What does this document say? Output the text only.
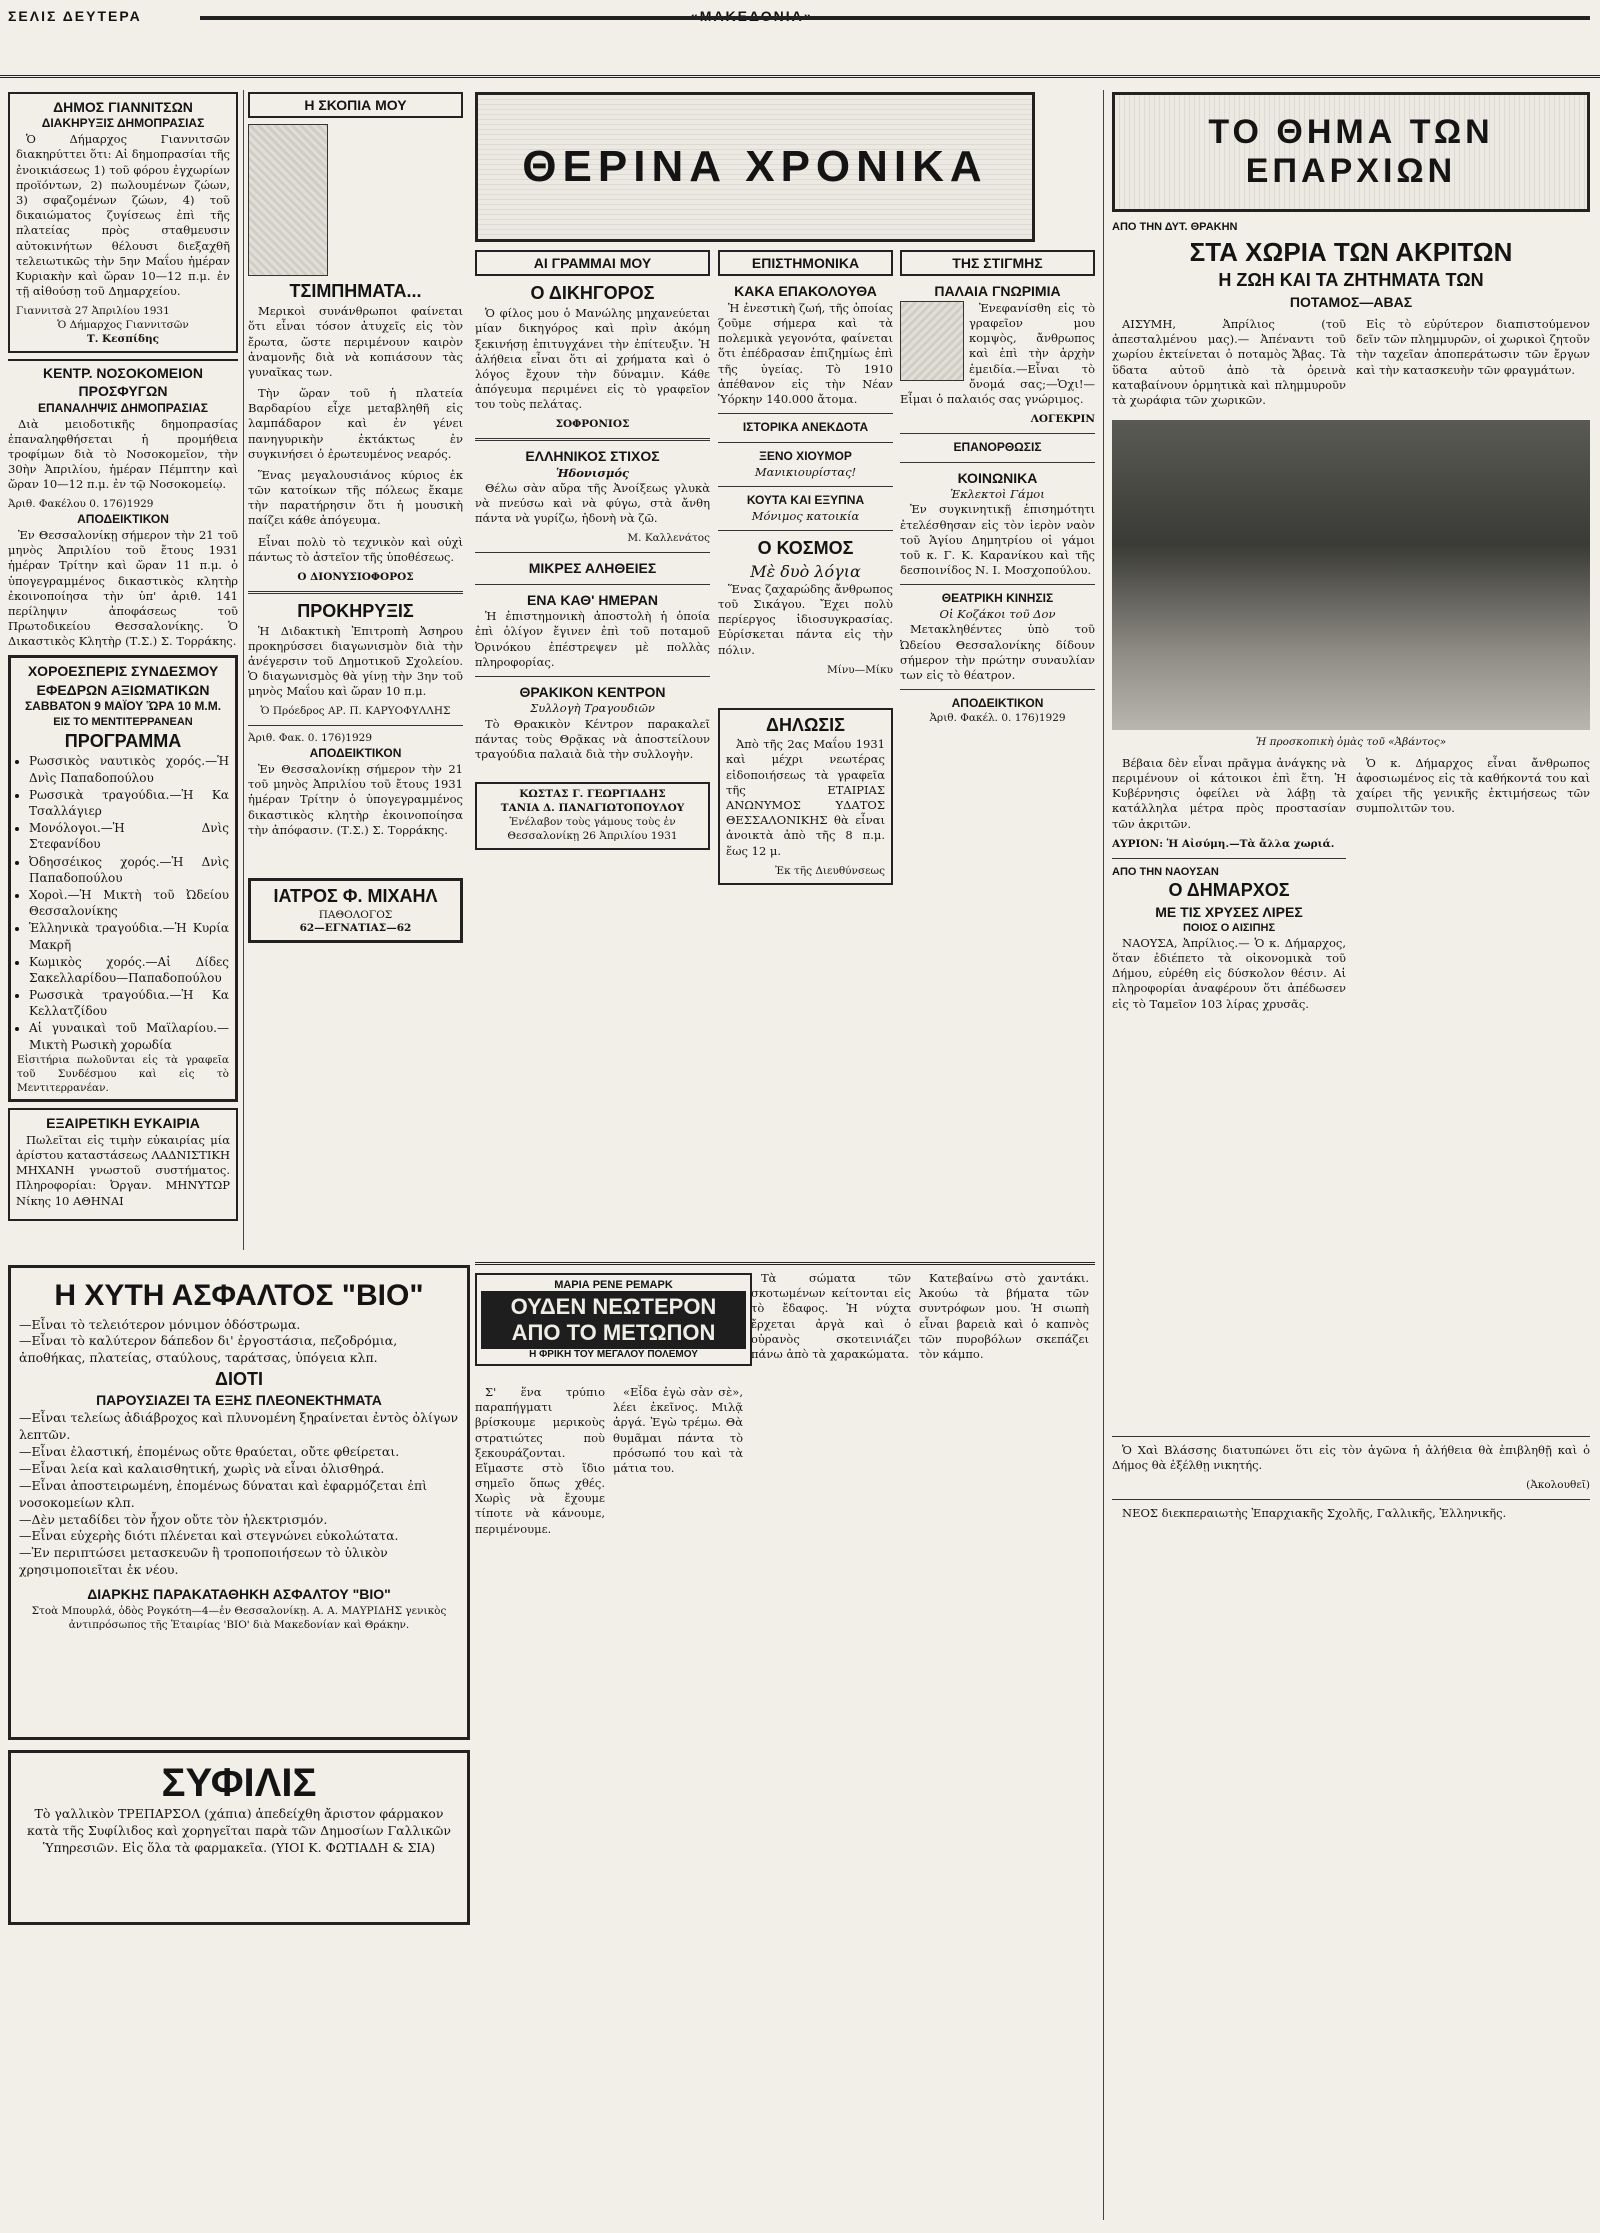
ΣΕΛΙΣ ΔΕΥΤΕΡΑ	«ΜΑΚΕΔΟΝΙΑ»
ΔΗΜΟΣ ΓΙΑΝΝΙΤΣΩΝ
ΔΙΑΚΗΡΥΞΙΣ ΔΗΜΟΠΡΑΣΙΑΣ

Ὁ Δήμαρχος Γιαννιτσῶν διακηρύττει ὅτι: Αἱ δημοπρασίαι τῆς ἐνοικιάσεως 1) τοῦ φόρου ἐγχωρίων προϊόντων, 2) πωλουμένων ζώων, 3) σφαζομένων ζώων, 4) τοῦ δικαιώματος ζυγίσεως ἐπὶ τῆς πλατείας πρὸς σταθμευσιν αὐτοκινήτων θέλουσι διεξαχθῆ τελειωτικῶς τὴν 5ην Μαΐου ἡμέραν Κυριακὴν καὶ ὥραν 10—12 π.μ. ἐν τῇ αἰθούσῃ τοῦ Δημαρχείου.

Γιαννιτσὰ 27 Ἀπριλίου 1931
Ὁ Δήμαρχος Γιαννιτσῶν
Τ. Κεσπίδης
ΚΕΝΤΡ. ΝΟΣΟΚΟΜΕΙΟΝ ΠΡΟΣΦΥΓΩΝ
ΕΠΑΝΑΛΗΨΙΣ ΔΗΜΟΠΡΑΣΙΑΣ

Διὰ μειοδοτικῆς δημοπρασίας ἐπαναληφθήσεται ἡ προμήθεια τροφίμων διὰ τὸ Νοσοκομεῖον, τὴν 30ὴν Ἀπριλίου, ἡμέραν Πέμπτην καὶ ὥραν 10—12 π.μ. ἐν τῷ Νοσοκομείῳ.

Ἀριθ. Φακέλου 0. 176)1929
ΑΠΟΔΕΙΚΤΙΚΟΝ

Ἐν Θεσσαλονίκῃ σήμερον τὴν 21 τοῦ μηνὸς Ἀπριλίου τοῦ ἔτους 1931 ἡμέραν Τρίτην καὶ ὥραν 11 π.μ. ὁ ὑπογεγραμμένος δικαστικὸς κλητὴρ ἐκοινοποίησα τὴν ὑπ' ἀριθ. 141 περίληψιν ἀποφάσεως τοῦ Πρωτοδικείου Θεσσαλονίκης. Ὁ Δικαστικὸς Κλητὴρ (Τ.Σ.) Σ. Τορράκης.

ΧΟΡΟΕΣΠΕΡΙΣ ΣΥΝΔΕΣΜΟΥ ΕΦΕΔΡΩΝ ΑΞΙΩΜΑΤΙΚΩΝ
ΣΑΒΒΑΤΟΝ 9 ΜΑΪΟΥ ὭΡΑ 10 Μ.Μ.
ΕΙΣ ΤΟ ΜΕΝΤΙΤΕΡΡΑΝΕΑΝ
ΠΡΟΓΡΑΜΜΑ
• Ρωσσικὸς ναυτικὸς χορός.—Ἡ Δνὶς Παπαδοπούλου
• Ρωσσικὰ τραγούδια.—Ἡ Κα Τσαλλάγιερ
• Μονόλογοι.—Ἡ Δνὶς Στεφανίδου
• Ὀδησσέικος χορός.—Ἡ Δνὶς Παπαδοπούλου
• Χοροὶ.—Ἡ Μικτὴ τοῦ Ὠδείου Θεσσαλονίκης
• Ἑλληνικὰ τραγούδια.—Ἡ Κυρία Μακρῆ
• Κωμικὸς χορός.—Αἱ Δίδες Σακελλαρίδου—Παπαδοπούλου
• Ρωσσικὰ τραγούδια.—Ἡ Κα Κελλατζίδου
• Αἱ γυναικαὶ τοῦ Μαϊλαρίου.—Μικτὴ Ρωσικὴ χορωδία
Εἰσιτήρια πωλοῦνται εἰς τὰ γραφεῖα τοῦ Συνδέσμου καὶ εἰς τὸ Μεντιτερρανέαν.
ΕΞΑΙΡΕΤΙΚΗ ΕΥΚΑΙΡΙΑ

Πωλεῖται εἰς τιμὴν εὐκαιρίας μία ἀρίστου καταστάσεως ΛΑΔΝΙΣΤΙΚΗ ΜΗΧΑΝΗ γνωστοῦ συστήματος. Πληροφορίαι: Ὀργαν. ΜΗΝΥΤΩΡ Νίκης 10 ΑΘΗΝΑΙ

Η ΣΚΟΠΙΑ ΜΟΥ
ΤΣΙΜΠΗΜΑΤΑ...

Μερικοὶ συνάνθρωποι φαίνεται ὅτι εἶναι τόσον ἀτυχεῖς εἰς τὸν ἔρωτα, ὥστε περιμένουν καιρὸν ἀναμονῆς διὰ νὰ κοπιάσουν τὰς γυναῖκας των.

Τὴν ὥραν τοῦ ἡ πλατεία Βαρδαρίου εἶχε μεταβληθῆ εἰς λαμπάδαρον καὶ ἐν γένει πανηγυρικὴν ἐκτάκτως ἐν συγκινήσει ὁ ἐρωτευμένος νεαρός.

Ἕνας μεγαλουσιάνος κύριος ἐκ τῶν κατοίκων τῆς πόλεως ἔκαμε τὴν παρατήρησιν ὅτι ἡ μουσικὴ παίζει κάθε ἀπόγευμα.

Εἶναι πολὺ τὸ τεχνικὸν καὶ οὐχὶ πάντως τὸ ἀστεῖον τῆς ὑποθέσεως.

Ο ΔΙΟΝΥΣΙΟΦΟΡΟΣ
ΠΡΟΚΗΡΥΞΙΣ

Ἡ Διδακτικὴ Ἐπιτροπὴ Ἀσηρου προκηρύσσει διαγωνισμὸν διὰ τὴν ἀνέγερσιν τοῦ Δημοτικοῦ Σχολείου. Ὁ διαγωνισμὸς θὰ γίνῃ τὴν 3ην τοῦ μηνὸς Μαΐου καὶ ὥραν 10 π.μ.

Ὁ Πρόεδρος ΑΡ. Π. ΚΑΡΥΟΦΥΛΛΗΣ
Ἀριθ. Φακ. 0. 176)1929
ΑΠΟΔΕΙΚΤΙΚΟΝ

Ἐν Θεσσαλονίκῃ σήμερον τὴν 21 τοῦ μηνὸς Ἀπριλίου τοῦ ἔτους 1931 ἡμέραν Τρίτην ὁ ὑπογεγραμμένος δικαστικὸς κλητὴρ ἐκοινοποίησα τὴν ἀπόφασιν. (Τ.Σ.) Σ. Τορράκης.

ΙΑΤΡΟΣ Φ. ΜΙΧΑΗΛ
ΠΑΘΟΛΟΓΟΣ
62—ΕΓΝΑΤΙΑΣ—62
ΘΕΡΙΝΑ ΧΡΟΝΙΚΑ
ΑΙ ΓΡΑΜΜΑΙ ΜΟΥ
Ο ΔΙΚΗΓΟΡΟΣ

Ὁ φίλος μου ὁ Μανώλης μηχανεύεται μίαν δικηγόρος καὶ πρὶν ἀκόμη ξεκινήσῃ ἐπιτυγχάνει τὴν ἐπίτευξιν. Ἡ ἀλήθεια εἶναι ὅτι αἱ χρήματα καὶ ὁ λόγος ἔχουν τὴν δύναμιν. Κάθε ἀπόγευμα περιμένει εἰς τὸ γραφεῖον του τοὺς πελάτας.

ΣΟΦΡΟΝΙΟΣ
ΕΛΛΗΝΙΚΟΣ ΣΤΙΧΟΣ
Ἡδονισμός

Θέλω σὰν αὔρα τῆς Ἀνοίξεως γλυκὰ νὰ πνεύσω καὶ νὰ φύγω, στὰ ἄνθη πάντα νὰ γυρίζω, ἡδονὴ νὰ ζῶ.

Μ. Καλλενάτος
ΜΙΚΡΕΣ ΑΛΗΘΕΙΕΣ
ΕΝΑ ΚΑΘ' ΗΜΕΡΑΝ

Ἡ ἐπιστημονικὴ ἀποστολὴ ἡ ὁποία ἐπὶ ὀλίγον ἔγινεν ἐπὶ τοῦ ποταμοῦ Ὀρινόκου ἐπέστρεψεν μὲ πολλὰς πληροφορίας.

ΘΡΑΚΙΚΟΝ ΚΕΝΤΡΟΝ
Συλλογὴ Τραγουδιῶν

Τὸ Θρακικὸν Κέντρον παρακαλεῖ πάντας τοὺς Θρᾷκας νὰ ἀποστείλουν τραγούδια παλαιὰ διὰ τὴν συλλογὴν.

ΚΩΣΤΑΣ Γ. ΓΕΩΡΓΙΑΔΗΣ
ΤΑΝΙΑ Δ. ΠΑΝΑΓΙΩΤΟΠΟΥΛΟΥ
Ἐνέλαβον τοὺς γάμους τοὺς ἐν Θεσσαλονίκῃ 26 Ἀπριλίου 1931
ΕΠΙΣΤΗΜΟΝΙΚΑ
ΚΑΚΑ ΕΠΑΚΟΛΟΥΘΑ

Ἡ ἐνεστικὴ ζωή, τῆς ὁποίας ζοῦμε σήμερα καὶ τὰ πολεμικὰ γεγονότα, φαίνεται ὅτι ἐπέδρασαν ἐπιζημίως ἐπὶ τῆς ὑγείας. Τὸ 1910 ἀπέθανον εἰς τὴν Νέαν Ὑόρκην 140.000 ἄτομα.

ΙΣΤΟΡΙΚΑ ΑΝΕΚΔΟΤΑ
ΞΕΝΟ ΧΙΟΥΜΟΡ
Μανικιουρίστας!
ΚΟΥΤΑ ΚΑΙ ΕΞΥΠΝΑ
Μόνιμος κατοικία
Ο ΚΟΣΜΟΣ
Μὲ δυὸ λόγια

Ἕνας ζαχαρώδης ἄνθρωπος τοῦ Σικάγου. Ἔχει πολὺ περίεργος ἰδιοσυγκρασίας. Εὐρίσκεται πάντα εἰς τὴν πόλιν.

Μίνυ—Μίκυ
ΔΗΛΩΣΙΣ

Ἀπὸ τῆς 2ας Μαΐου 1931 καὶ μέχρι νεωτέρας εἰδοποιήσεως τὰ γραφεῖα τῆς ΕΤΑΙΡΙΑΣ ΑΝΩΝΥΜΟΣ ΥΔΑΤΟΣ ΘΕΣΣΑΛΟΝΙΚΗΣ θὰ εἶναι ἀνοικτὰ ἀπὸ τῆς 8 π.μ. ἕως 12 μ.

Ἐκ τῆς Διευθύνσεως
ΤΗΣ ΣΤΙΓΜΗΣ
ΠΑΛΑΙΑ ΓΝΩΡΙΜΙΑ

Ἐνεφανίσθη εἰς τὸ γραφεῖον μου κομψὸς, ἄνθρωπος καὶ ἐπὶ τὴν ἀρχὴν ἐμειδία.—Εἶναι τὸ ὄνομά σας;—Ὁχι!—Εἶμαι ὁ παλαιός σας γνώριμος.

ΛΟΓΕΚΡΙΝ
ΕΠΑΝΟΡΘΩΣΙΣ
ΚΟΙΝΩΝΙΚΑ
Ἐκλεκτοὶ Γάμοι

Ἐν συγκινητικῇ ἐπισημότητι ἐτελέσθησαν εἰς τὸν ἱερὸν ναὸν τοῦ Ἁγίου Δημητρίου οἱ γάμοι τοῦ κ. Γ. Κ. Καρανίκου καὶ τῆς δεσποινίδος Ν. Ι. Μοσχοπούλου.

ΘΕΑΤΡΙΚΗ ΚΙΝΗΣΙΣ
Οἱ Κοζάκοι τοῦ Δον

Μετακληθέντες ὑπὸ τοῦ Ὠδείου Θεσσαλονίκης δίδουν σήμερον τὴν πρώτην συναυλίαν των εἰς τὸ θέατρον.

ΑΠΟΔΕΙΚΤΙΚΟΝ
Ἀριθ. Φακέλ. 0. 176)1929
ΤΟ ΘΗΜΑ ΤΩΝ ΕΠΑΡΧΙΩΝ
ΑΠΟ ΤΗΝ ΔΥΤ. ΘΡΑΚΗΝ
ΣΤΑ ΧΩΡΙΑ ΤΩΝ ΑΚΡΙΤΩΝ
Η ΖΩΗ ΚΑΙ ΤΑ ΖΗΤΗΜΑΤΑ ΤΩΝ
ΠΟΤΑΜΟΣ—ΑΒΑΣ

ΑΙΣΥΜΗ, Ἀπρίλιος (τοῦ ἀπεσταλμένου μας).— Ἀπέναντι τοῦ χωρίου ἐκτείνεται ὁ ποταμὸς Ἄβας. Τὰ ὕδατα αὐτοῦ ἀπὸ τὰ ὀρεινὰ καταβαίνουν ὁρμητικὰ καὶ πλημμυροῦν τὰ χωράφια τῶν χωρικῶν.

Εἰς τὸ εὐρύτερον διαπιστούμενον δεῖν τῶν πλημμυρῶν, οἱ χωρικοὶ ζητοῦν τὴν ταχεῖαν ἀποπεράτωσιν τῶν ἔργων καὶ τὴν κατασκευὴν τῶν φραγμάτων.

Ἡ προσκοπικὴ ὁμὰς τοῦ «Ἀβάντος»

Βέβαια δὲν εἶναι πρᾶγμα ἀνάγκης νὰ περιμένουν οἱ κάτοικοι ἐπὶ ἔτη. Ἡ Κυβέρνησις ὀφείλει νὰ λάβῃ τὰ κατάλληλα μέτρα πρὸς προστασίαν τῶν ἀκριτῶν.

ΑΥΡΙΟΝ: Ἡ Αἰσύμη.—Τὰ ἄλλα χωριά.
ΑΠΟ ΤΗΝ ΝΑΟΥΣΑΝ
Ο ΔΗΜΑΡΧΟΣ
ΜΕ ΤΙΣ ΧΡΥΣΕΣ ΛΙΡΕΣ
ΠΟΙΟΣ Ο ΑΙΣΙΠΗΣ

ΝΑΟΥΣΑ, Ἀπρίλιος.— Ὁ κ. Δήμαρχος, ὅταν ἐδιέπετο τὰ οἰκονομικὰ τοῦ Δήμου, εὑρέθη εἰς δύσκολον θέσιν. Αἱ πληροφορίαι ἀναφέρουν ὅτι ἀπέδωσεν εἰς τὸ Ταμεῖον 103 λίρας χρυσᾶς.

Ὁ κ. Δήμαρχος εἶναι ἄνθρωπος ἀφοσιωμένος εἰς τὰ καθήκοντά του καὶ χαίρει τῆς γενικῆς ἐκτιμήσεως τῶν συμπολιτῶν του.

Η ΧΥΤΗ ΑΣΦΑΛΤΟΣ "ΒΙΟ"
—Εἶναι τὸ τελειότερον μόνιμον ὁδόστρωμα.
—Εἶναι τὸ καλύτερον δάπεδον δι' ἐργοστάσια, πεζοδρόμια, ἀποθήκας, πλατείας, σταύλους, ταράτσας, ὑπόγεια κλπ.
ΔΙΟΤΙ
ΠΑΡΟΥΣΙΑΖΕΙ ΤΑ ΕΞΗΣ ΠΛΕΟΝΕΚΤΗΜΑΤΑ
—Εἶναι τελείως ἀδιάβροχος καὶ πλυνομένη ξηραίνεται ἐντὸς ὀλίγων λεπτῶν.
—Εἶναι ἐλαστική, ἑπομένως οὔτε θραύεται, οὔτε φθείρεται.
—Εἶναι λεία καὶ καλαισθητική, χωρὶς νὰ εἶναι ὀλισθηρά.
—Εἶναι ἀποστειρωμένη, ἑπομένως δύναται καὶ ἐφαρμόζεται ἐπὶ νοσοκομείων κλπ.
—Δὲν μεταδίδει τὸν ἦχον οὔτε τὸν ἠλεκτρισμόν.
—Εἶναι εὐχερὴς διότι πλένεται καὶ στεγνώνει εὐκολώτατα.
—Ἐν περιπτώσει μετασκευῶν ἢ τροποποιήσεων τὸ ὑλικὸν χρησιμοποιεῖται ἐκ νέου.
ΔΙΑΡΚΗΣ ΠΑΡΑΚΑΤΑΘΗΚΗ ΑΣΦΑΛΤΟΥ "ΒΙΟ"
Στοὰ Μπουρλά, ὁδὸς Ρογκότη—4—ἐν Θεσσαλονίκῃ. Α. Α. ΜΑΥΡΙΔΗΣ γενικὸς ἀντιπρόσωπος τῆς Ἑταιρίας 'ΒΙΟ' διὰ Μακεδονίαν καὶ Θράκην.
ΣΥΦΙΛΙΣ
Τὸ γαλλικὸν ΤΡΕΠΑΡΣΟΛ (χάπια) ἀπεδείχθη ἄριστον φάρμακον κατὰ τῆς Συφίλιδος καὶ χορηγεῖται παρὰ τῶν Δημοσίων Γαλλικῶν Ὑπηρεσιῶν. Εἰς ὅλα τὰ φαρμακεῖα. (ΥΙΟΙ Κ. ΦΩΤΙΑΔΗ & ΣΙΑ)
ΜΑΡΙΑ ΡΕΝΕ ΡΕΜΑΡΚ
ΟΥΔΕΝ ΝΕΩΤΕΡΟΝ ΑΠΟ ΤΟ ΜΕΤΩΠΟΝ
Η ΦΡΙΚΗ ΤΟΥ ΜΕΓΑΛΟΥ ΠΟΛΕΜΟΥ

Σ' ἕνα τρύπιο παραπήγματι βρίσκουμε μερικοὺς στρατιώτες ποὺ ξεκουράζονται. Εἴμαστε στὸ ἴδιο σημεῖο ὅπως χθές. Χωρὶς νὰ ἔχουμε τίποτε νὰ κάνουμε, περιμένουμε.

«Εἶδα ἐγὼ σὰν σὲ», λέει ἐκεῖνος. Μιλᾷ ἀργά. Ἐγὼ τρέμω. Θὰ θυμᾶμαι πάντα τὸ πρόσωπό του καὶ τὰ μάτια του.

Τὰ σώματα τῶν σκοτωμένων κείτονται εἰς τὸ ἔδαφος. Ἡ νύχτα ἔρχεται ἀργὰ καὶ ὁ οὐρανὸς σκοτεινιάζει πάνω ἀπὸ τὰ χαρακώματα.

Κατεβαίνω στὸ χαντάκι. Ἀκούω τὰ βήματα τῶν συντρόφων μου. Ἡ σιωπὴ εἶναι βαρειὰ καὶ ὁ καπνὸς τῶν πυροβόλων σκεπάζει τὸν κάμπο.

Ὁ Χαὶ Βλάσσης διατυπώνει ὅτι εἰς τὸν ἀγῶνα ἡ ἀλήθεια θὰ ἐπιβληθῇ καὶ ὁ Δήμος θὰ ἐξέλθῃ νικητής.

(Ἀκολουθεῖ)

ΝΕΟΣ διεκπεραιωτὴς Ἐπαρχιακῆς Σχολῆς, Γαλλικῆς, Ἑλληνικῆς.
